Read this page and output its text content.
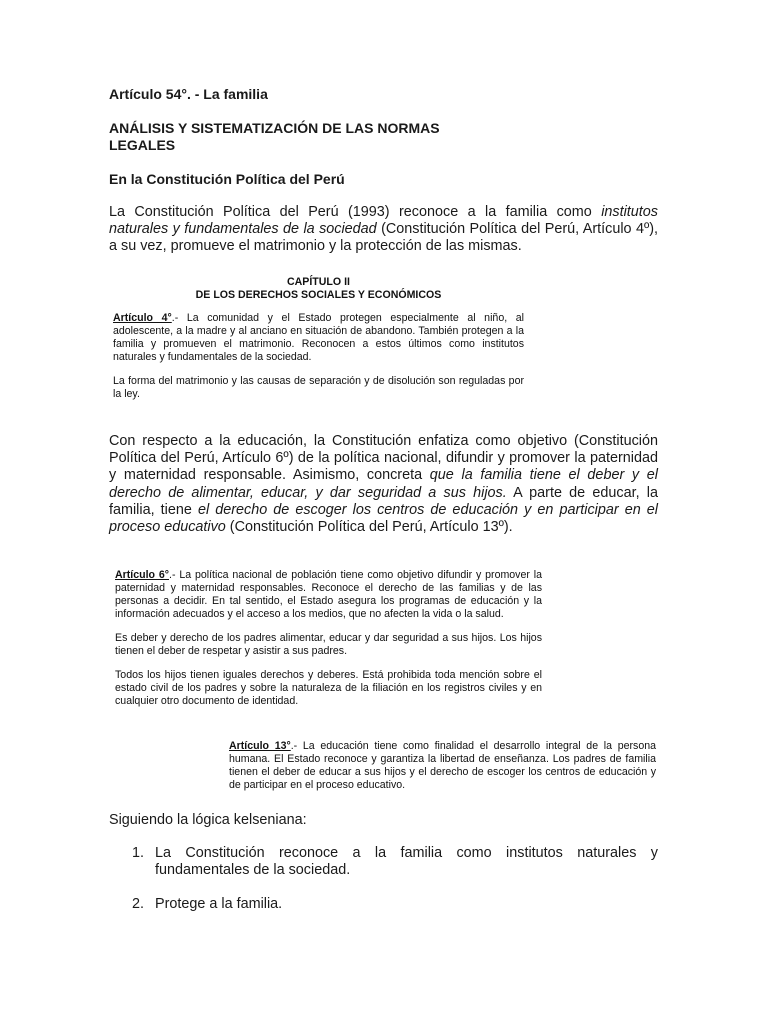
Artículo 54°. - La familia

ANÁLISIS Y SISTEMATIZACIÓN DE LAS NORMAS LEGALES

En la Constitución Política del Perú

La Constitución Política del Perú (1993) reconoce a la familia como institutos naturales y fundamentales de la sociedad (Constitución Política del Perú, Artículo 4º), a su vez, promueve el matrimonio y la protección de las mismas.

CAPÍTULO II
DE LOS DERECHOS SOCIALES Y ECONÓMICOS

Artículo 4°.- La comunidad y el Estado protegen especialmente al niño, al adolescente, a la madre y al anciano en situación de abandono. También protegen a la familia y promueven el matrimonio. Reconocen a estos últimos como institutos naturales y fundamentales de la sociedad.

La forma del matrimonio y las causas de separación y de disolución son reguladas por la ley.

Con respecto a la educación, la Constitución enfatiza como objetivo (Constitución Política del Perú, Artículo 6º) de la política nacional, difundir y promover la paternidad y maternidad responsable. Asimismo, concreta que la familia tiene el deber y el derecho de alimentar, educar, y dar seguridad a sus hijos. A parte de educar, la familia, tiene el derecho de escoger los centros de educación y en participar en el proceso educativo (Constitución Política del Perú, Artículo 13º).

Artículo 6°.- La política nacional de población tiene como objetivo difundir y promover la paternidad y maternidad responsables. Reconoce el derecho de las familias y de las personas a decidir. En tal sentido, el Estado asegura los programas de educación y la información adecuados y el acceso a los medios, que no afecten la vida o la salud.

Es deber y derecho de los padres alimentar, educar y dar seguridad a sus hijos. Los hijos tienen el deber de respetar y asistir a sus padres.

Todos los hijos tienen iguales derechos y deberes. Está prohibida toda mención sobre el estado civil de los padres y sobre la naturaleza de la filiación en los registros civiles y en cualquier otro documento de identidad.

Artículo 13°.- La educación tiene como finalidad el desarrollo integral de la persona humana. El Estado reconoce y garantiza la libertad de enseñanza. Los padres de familia tienen el deber de educar a sus hijos y el derecho de escoger los centros de educación y de participar en el proceso educativo.

Siguiendo la lógica kelseniana:

1. La Constitución reconoce a la familia como institutos naturales y fundamentales de la sociedad.
2. Protege a la familia.
